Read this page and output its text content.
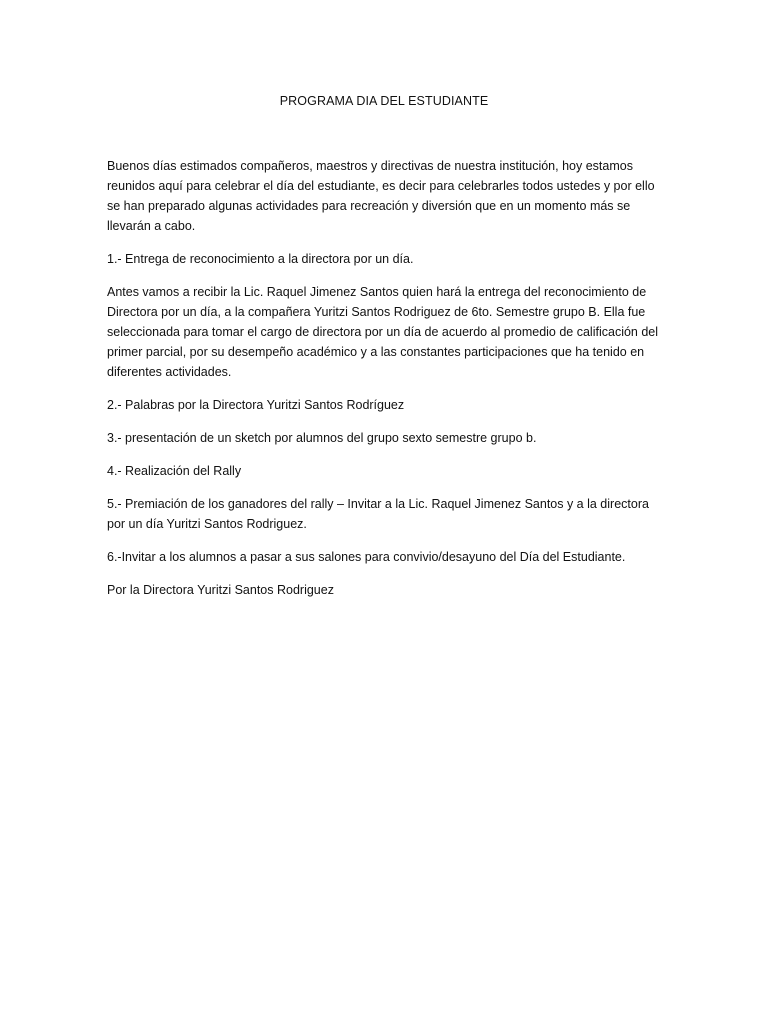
PROGRAMA DIA DEL ESTUDIANTE

Buenos días estimados compañeros, maestros y directivas de nuestra institución, hoy estamos reunidos aquí para celebrar el día del estudiante, es decir para celebrarles todos ustedes y por ello se han preparado algunas actividades para recreación y diversión que en un momento más se llevarán a cabo.

1.- Entrega de reconocimiento a la directora por un día.

Antes vamos a recibir la Lic. Raquel Jimenez Santos quien hará la entrega del reconocimiento de Directora por un día, a la compañera Yuritzi Santos Rodriguez de 6to. Semestre grupo B. Ella fue seleccionada para tomar el cargo de directora por un día de acuerdo al promedio de calificación del primer parcial, por su desempeño académico y a las constantes participaciones que ha tenido en diferentes actividades.

2.- Palabras por la Directora Yuritzi Santos Rodríguez

3.- presentación de un sketch por alumnos del grupo sexto semestre grupo b.

4.- Realización del Rally

5.- Premiación de los ganadores del rally – Invitar a la Lic. Raquel Jimenez Santos y a la directora por un día Yuritzi Santos Rodriguez.

6.-Invitar a los alumnos a pasar a sus salones para convivio/desayuno del Día del Estudiante.

Por la Directora Yuritzi Santos Rodriguez
